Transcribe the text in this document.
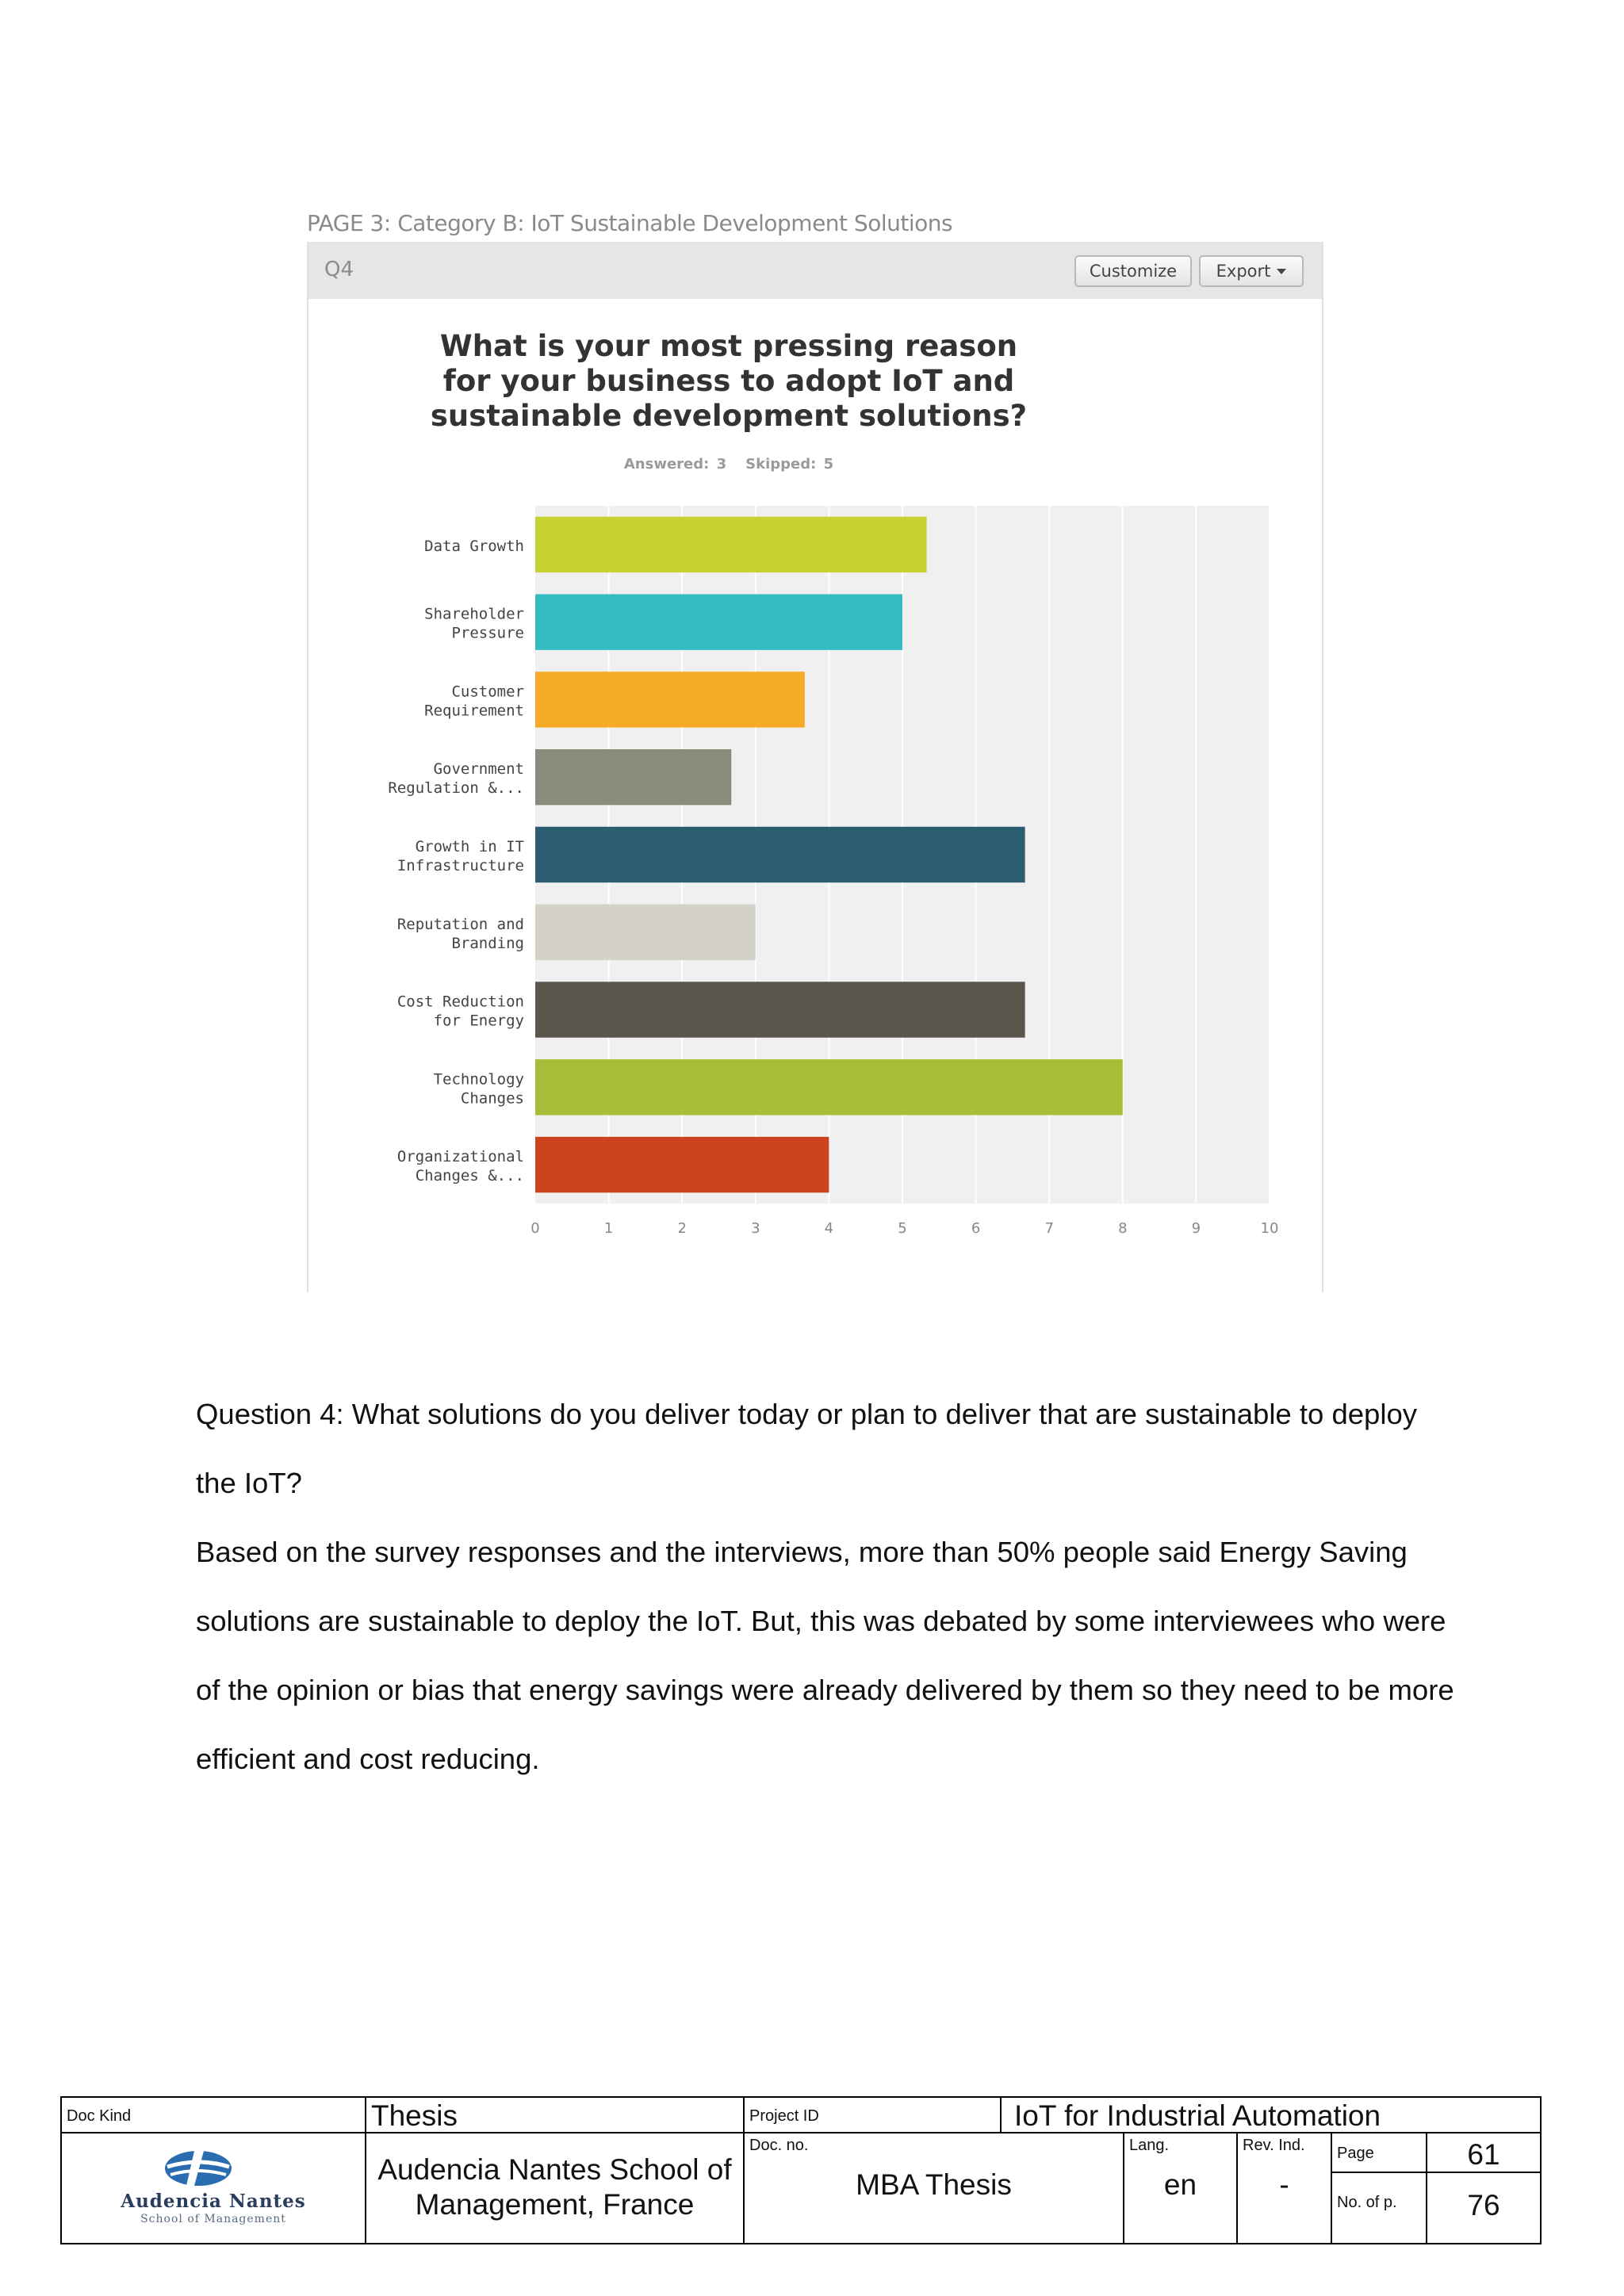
PAGE 3: Category B: IoT Sustainable Development Solutions
Q4	Customize Export
What is your most pressing reason for your business to adopt IoT and sustainable development solutions?
Answered: 3 Skipped: 5
Data Growth
Shareholder
Pressure
Customer
Requirement
Government
Regulation &...
Growth in IT
Infrastructure
Reputation and
Branding
Cost Reduction
for Energy
Technology
Changes
Organizational
Changes &...
0	1	2	3	4	5	6	7	8	9	10
Question 4: What solutions do you deliver today or plan to deliver that are sustainable to deploy the IoT?
Based on the survey responses and the interviews, more than 50% people said Energy Saving solutions are sustainable to deploy the IoT. But, this was debated by some interviewees who were of the opinion or bias that energy savings were already delivered by them so they need to be more efficient and cost reducing.
Doc Kind	Thesis	Project ID	IoT for Industrial Automation
Audencia Nantes
School of Management
Audencia Nantes School of Management, France
Doc. no.
MBA Thesis
Lang.
en
Rev. Ind.
-
Page	61
No. of p.	76
